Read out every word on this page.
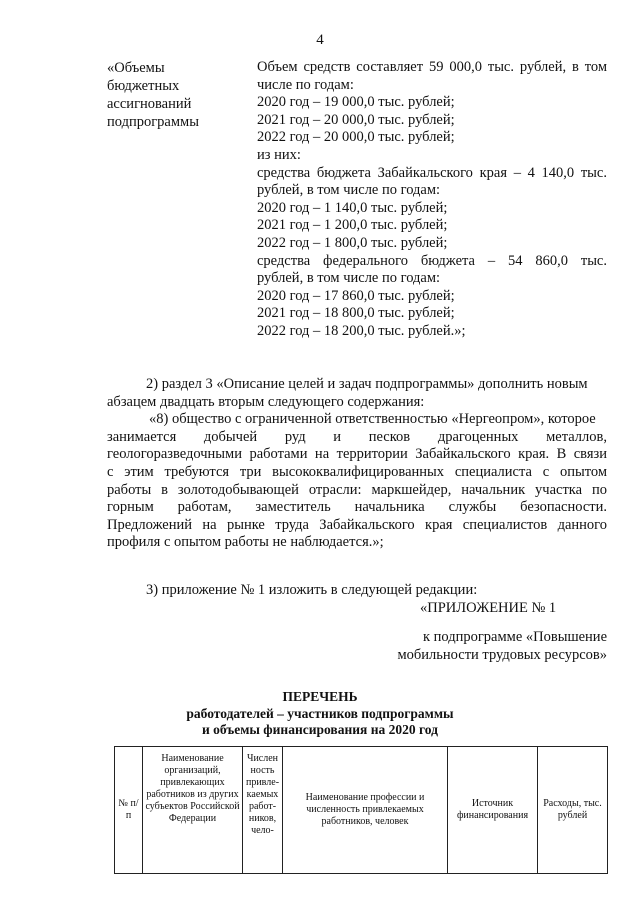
4
«Объемы
бюджетных
ассигнований
подпрограммы
Объем средств составляет 59 000,0 тыс. рублей, в том
числе по годам:
2020 год – 19 000,0 тыс. рублей;
2021 год – 20 000,0 тыс. рублей;
2022 год – 20 000,0 тыс. рублей;
из них:
средства бюджета Забайкальского края – 4 140,0 тыс.
рублей, в том числе по годам:
2020 год – 1 140,0 тыс. рублей;
2021 год – 1 200,0 тыс. рублей;
2022 год – 1 800,0 тыс. рублей;
средства федерального бюджета – 54 860,0 тыс.
рублей, в том числе по годам:
2020 год – 17 860,0 тыс. рублей;
2021 год – 18 800,0 тыс. рублей;
2022 год – 18 200,0 тыс. рублей.»;
2) раздел 3 «Описание целей и задач подпрограммы» дополнить новым
абзацем двадцать вторым следующего содержания:
«8) общество с ограниченной ответственностью «Нергеопром», которое
занимается добычей руд и песков драгоценных металлов,
геологоразведочными работами на территории Забайкальского края. В связи
с этим требуются три высококвалифицированных специалиста с опытом
работы в золотодобывающей отрасли: маркшейдер, начальник участка по
горным работам, заместитель начальника службы безопасности.
Предложений на рынке труда Забайкальского края специалистов данного
профиля с опытом работы не наблюдается.»;
3) приложение № 1 изложить в следующей редакции:
«ПРИЛОЖЕНИЕ № 1
к подпрограмме «Повышение
мобильности трудовых ресурсов»
ПЕРЕЧЕНЬ
работодателей – участников подпрограммы
и объемы финансирования на 2020 год
№ п/п	Наименование организаций, привлекающих работников из других субъектов Российской Федерации	Числен ность привле-каемых работ-ников, чело-	Наименование профессии и численность привлекаемых работников, человек	Источник финансирования	Расходы, тыс. рублей
